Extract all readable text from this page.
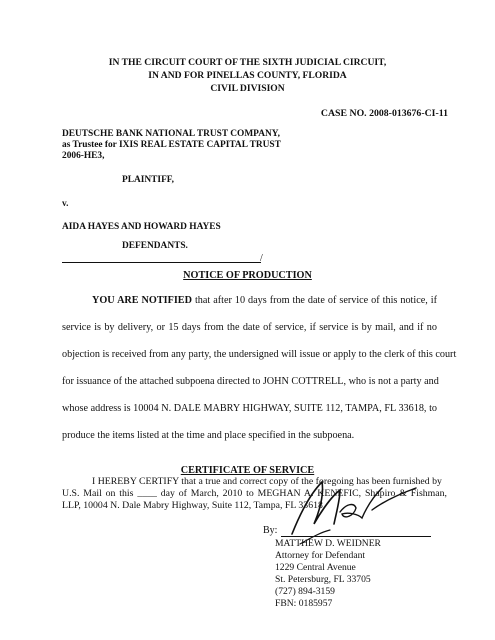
IN THE CIRCUIT COURT OF THE SIXTH JUDICIAL CIRCUIT,
IN AND FOR PINELLAS COUNTY, FLORIDA
CIVIL DIVISION
CASE NO. 2008-013676-CI-11
DEUTSCHE BANK NATIONAL TRUST COMPANY,
as Trustee for IXIS REAL ESTATE CAPITAL TRUST
2006-HE3,
PLAINTIFF,
v.
AIDA HAYES AND HOWARD HAYES
DEFENDANTS.
/
NOTICE OF PRODUCTION
YOU ARE NOTIFIED that after 10 days from the date of service of this notice, if
service is by delivery, or 15 days from the date of service, if service is by mail, and if no
objection is received from any party, the undersigned will issue or apply to the clerk of this court
for issuance of the attached subpoena directed to JOHN COTTRELL, who is not a party and
whose address is 10004 N. DALE MABRY HIGHWAY, SUITE 112, TAMPA, FL 33618, to
produce the items listed at the time and place specified in the subpoena.
CERTIFICATE OF SERVICE
I HEREBY CERTIFY that a true and correct copy of the foregoing has been furnished by
U.S. Mail on this ____ day of March, 2010 to MEGHAN A. KENEFIC, Shapiro & Fishman,
LLP, 10004 N. Dale Mabry Highway, Suite 112, Tampa, FL 33618.
By:
MATTHEW D. WEIDNER
Attorney for Defendant
1229 Central Avenue
St. Petersburg, FL 33705
(727) 894-3159
FBN: 0185957
